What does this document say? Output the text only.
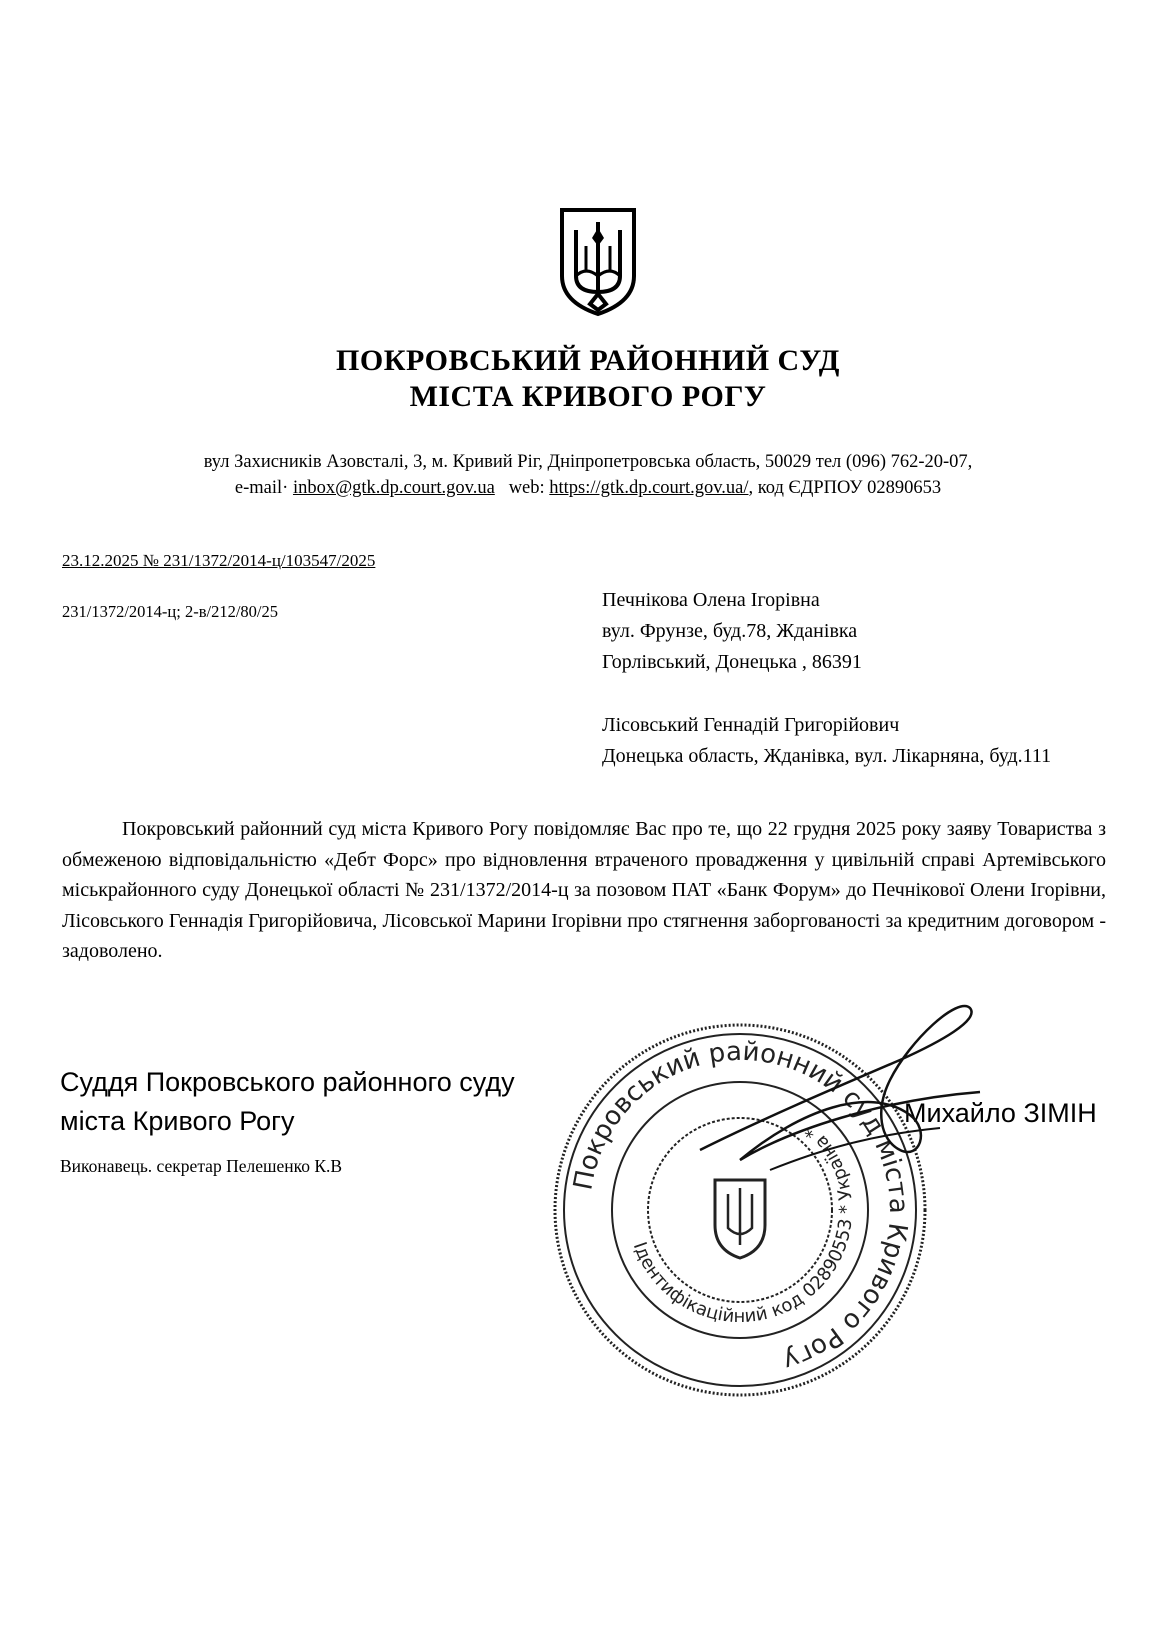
ПОКРОВСЬКИЙ РАЙОННИЙ СУД
МІСТА КРИВОГО РОГУ
вул Захисників Азовсталі, 3, м. Кривий Ріг, Дніпропетровська область, 50029 тел (096) 762-20-07,
e-mail· inbox@gtk.dp.court.gov.ua web: https://gtk.dp.court.gov.ua/, код ЄДРПОУ 02890653
23.12.2025 № 231/1372/2014-ц/103547/2025
231/1372/2014-ц; 2-в/212/80/25
Печнікова Олена Ігорівна
вул. Фрунзе, буд.78, Жданівка Горлівський, Донецька , 86391
Лісовський Геннадій Григорійович
Донецька область, Жданівка, вул. Лікарняна, буд.111
Покровський районний суд міста Кривого Рогу повідомляє Вас про те, що 22 грудня 2025 року заяву Товариства з обмеженою відповідальністю «Дебт Форс» про відновлення втраченого провадження у цивільній справі Артемівського міськрайонного суду Донецької області № 231/1372/2014-ц за позовом ПАТ «Банк Форум» до Печнікової Олени Ігорівни, Лісовського Геннадія Григорійовича, Лісовської Марини Ігорівни про стягнення заборгованості за кредитним договором - задоволено.
Суддя Покровського районного суду
міста Кривого Рогу
Виконавець. секретар Пелешенко К.В
Михайло ЗІМІН
Покровський районний суд міста Кривого Рогу
Ідентифікаційний код 02890553 * Україна *
